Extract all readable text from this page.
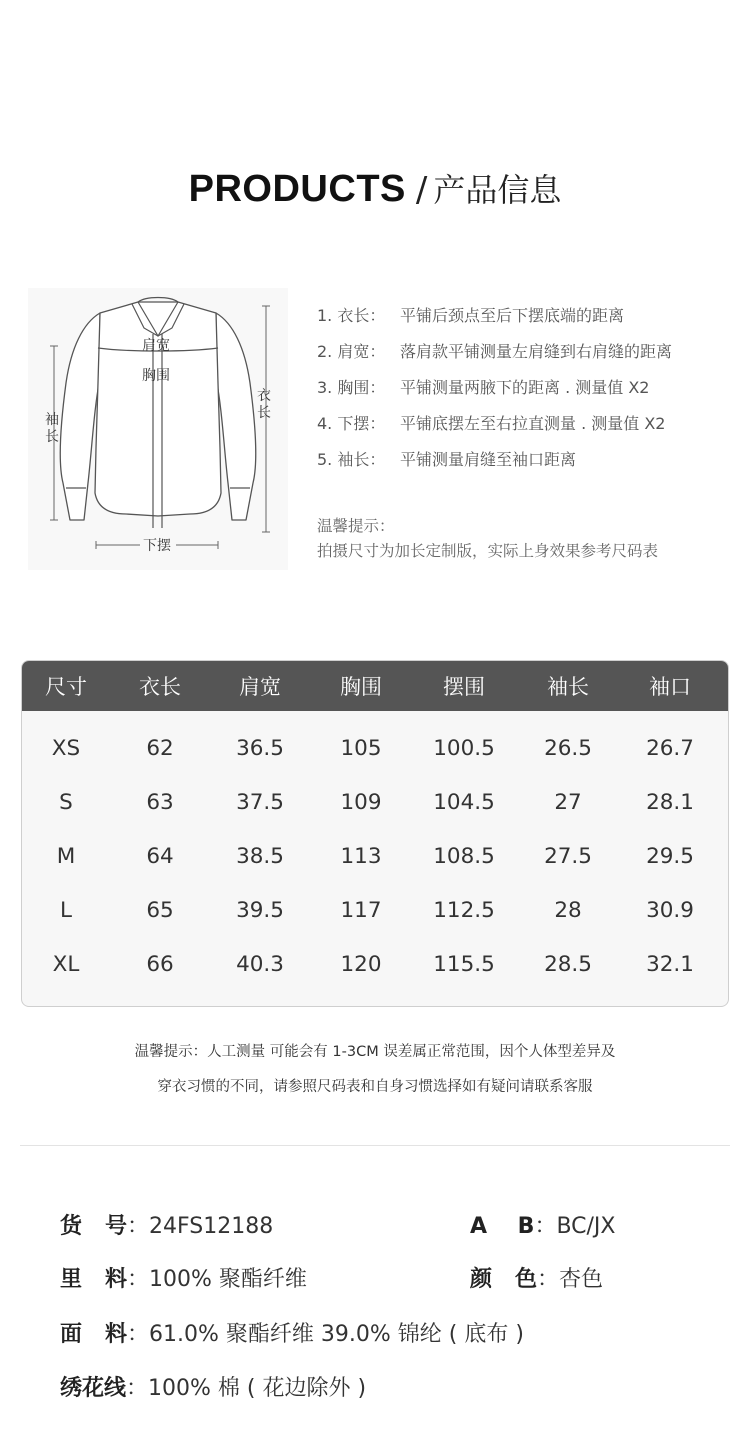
PRODUCTS / 产品信息
肩宽
胸围
袖
长
衣
长
下摆
1. 衣长： 平铺后颈点至后下摆底端的距离
2. 肩宽： 落肩款平铺测量左肩缝到右肩缝的距离
3. 胸围： 平铺测量两腋下的距离 . 测量值 X2
4. 下摆： 平铺底摆左至右拉直测量 . 测量值 X2
5. 袖长： 平铺测量肩缝至袖口距离
温馨提示：
拍摄尺寸为加长定制版，实际上身效果参考尺码表
尺寸	衣长	肩宽	胸围	摆围	袖长	袖口
XS	62	36.5	105	100.5	26.5	26.7
S	63	37.5	109	104.5	27	28.1
M	64	38.5	113	108.5	27.5	29.5
L	65	39.5	117	112.5	28	30.9
XL	66	40.3	120	115.5	28.5	32.1
温馨提示：人工测量 可能会有 1-3CM 误差属正常范围，因个人体型差异及
穿衣习惯的不同，请参照尺码表和自身习惯选择如有疑问请联系客服
货   号：24FS12188	A    B：BC/JX
里   料：100% 聚酯纤维	颜   色：杏色
面   料：61.0% 聚酯纤维 39.0% 锦纶 ( 底布 )
绣花线：100% 棉 ( 花边除外 )
